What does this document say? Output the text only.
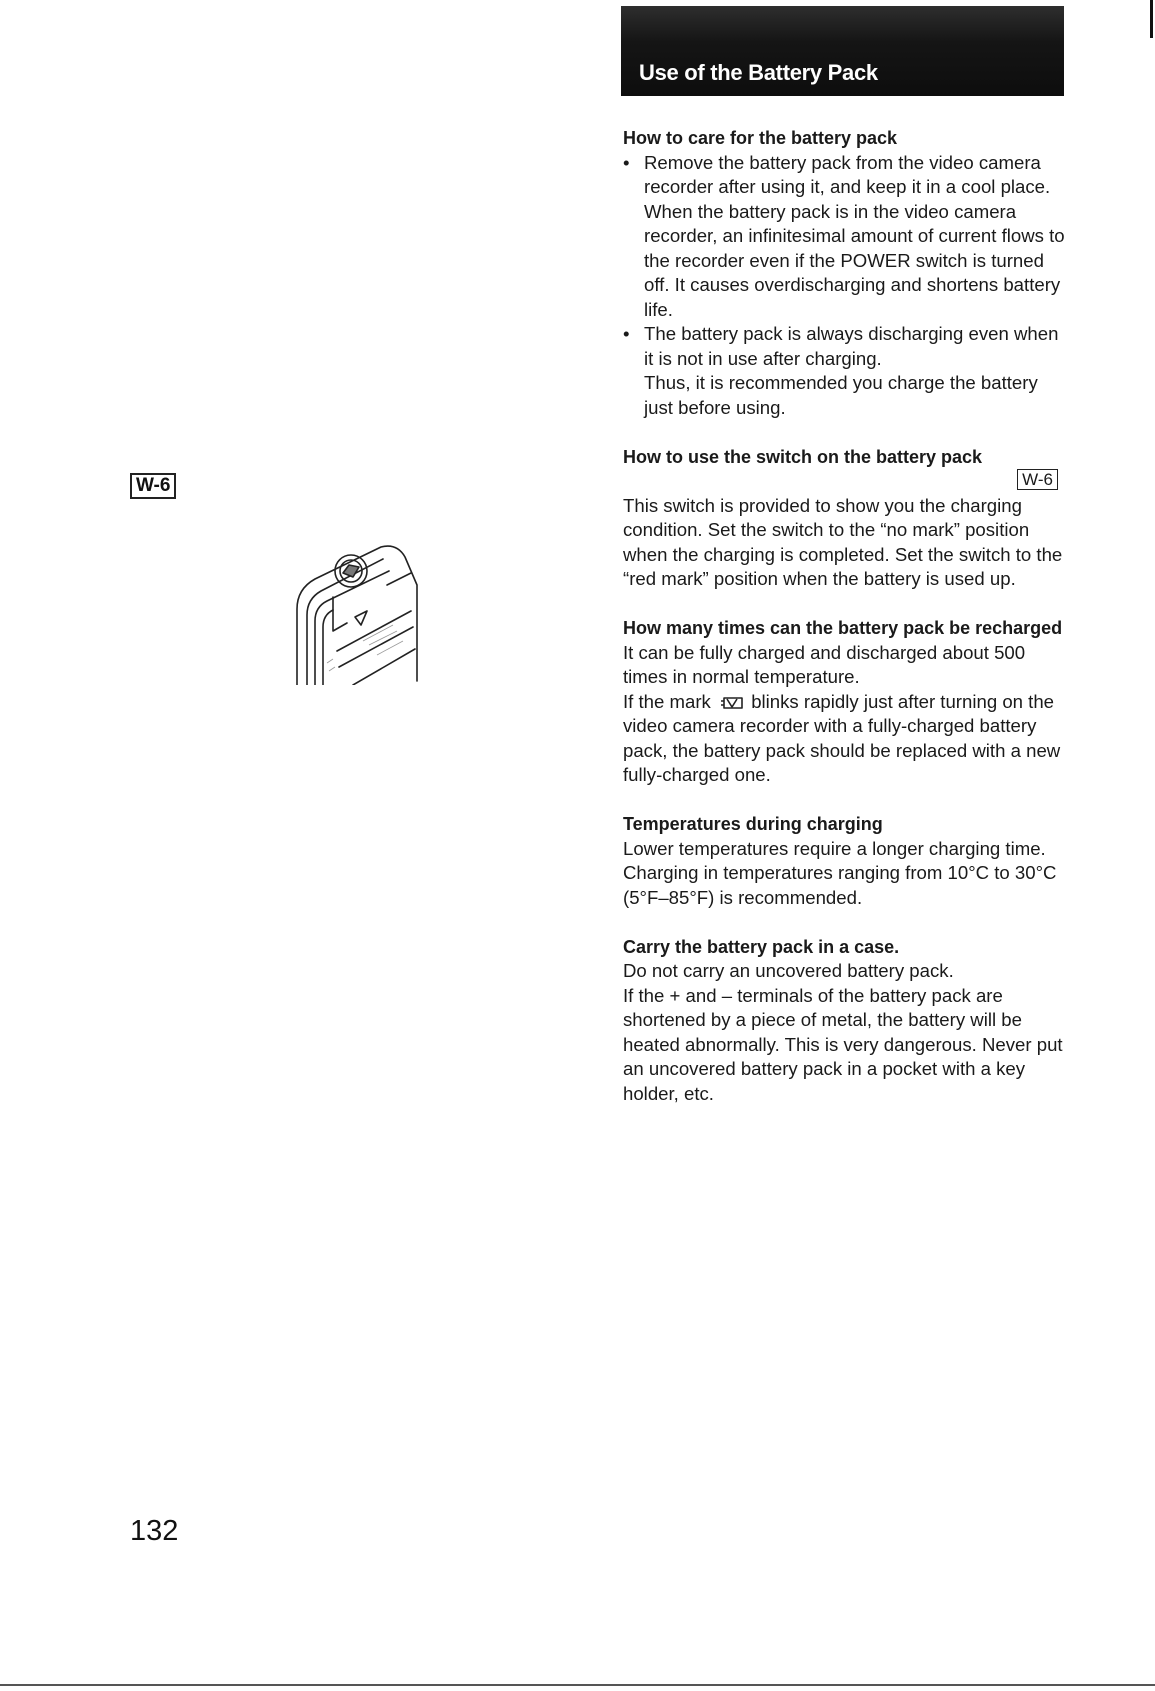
Use of the Battery Pack
W-6
132
How to care for the battery pack
• Remove the battery pack from the video camera recorder after using it, and keep it in a cool place.

When the battery pack is in the video camera recorder, an infinitesimal amount of current flows to the recorder even if the POWER switch is turned off. It causes overdischarging and shortens battery life.

• The battery pack is always discharging even when it is not in use after charging.

Thus, it is recommended you charge the battery just before using.

How to use the switch on the battery pack
W-6

This switch is provided to show you the charging condition. Set the switch to the “no mark” position when the charging is completed. Set the switch to the “red mark” position when the battery is used up.

How many times can the battery pack be recharged

It can be fully charged and discharged about 500 times in normal temperature.

If the mark blinks rapidly just after turning on the video camera recorder with a fully-charged battery pack, the battery pack should be replaced with a new fully-charged one.

Temperatures during charging

Lower temperatures require a longer charging time.

Charging in temperatures ranging from 10°C to 30°C (5°F–85°F) is recommended.

Carry the battery pack in a case.

Do not carry an uncovered battery pack.

If the + and – terminals of the battery pack are shortened by a piece of metal, the battery will be heated abnormally. This is very dangerous. Never put an uncovered battery pack in a pocket with a key holder, etc.
